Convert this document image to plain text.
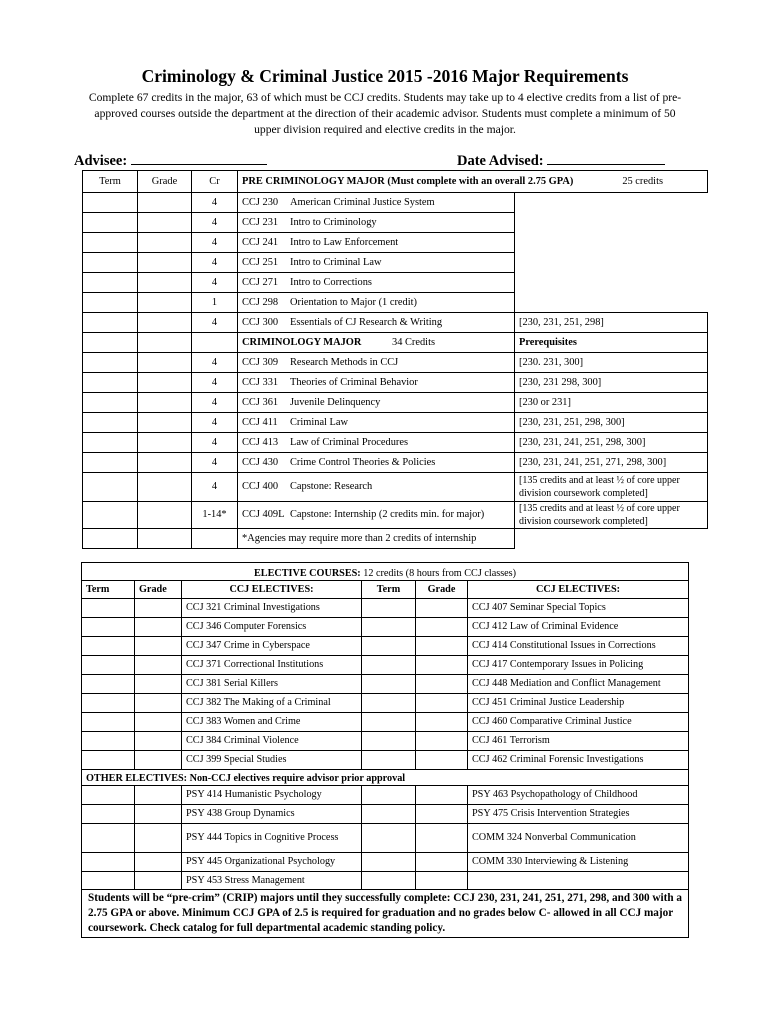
Criminology & Criminal Justice 2015 -2016 Major Requirements
Complete 67 credits in the major, 63 of which must be CCJ credits. Students may take up to 4 elective credits from a list of pre-approved courses outside the department at the direction of their academic advisor. Students must complete a minimum of 50 upper division required and elective credits in the major.
Advisee:	Date Advised:
Term	Grade	Cr	PRE CRIMINOLOGY MAJOR (Must complete with an overall 2.75 GPA) 25 credits	

		4	CCJ 230 American Criminal Justice System	
		4	CCJ 231 Intro to Criminology	
		4	CCJ 241 Intro to Law Enforcement	
		4	CCJ 251 Intro to Criminal Law	
		4	CCJ 271 Intro to Corrections	
		1	CCJ 298 Orientation to Major (1 credit)	
		4	CCJ 300 Essentials of CJ Research & Writing	[230, 231, 251, 298]
			CRIMINOLOGY MAJOR 34 Credits	Prerequisites
		4	CCJ 309 Research Methods in CCJ	[230. 231, 300]
		4	CCJ 331 Theories of Criminal Behavior	[230, 231 298, 300]
		4	CCJ 361 Juvenile Delinquency	[230 or 231]
		4	CCJ 411 Criminal Law	[230, 231, 251, 298, 300]
		4	CCJ 413 Law of Criminal Procedures	[230, 231, 241, 251, 298, 300]
		4	CCJ 430 Crime Control Theories & Policies	[230, 231, 241, 251, 271, 298, 300]
		4	CCJ 400 Capstone: Research	[135 credits and at least ½ of core upper division coursework completed]
		1-14*	CCJ 409L Capstone: Internship (2 credits min. for major)	[135 credits and at least ½ of core upper division coursework completed]
			*Agencies may require more than 2 credits of internship	
ELECTIVE COURSES: 12 credits (8 hours from CCJ classes)					
Term	Grade	CCJ ELECTIVES:	Term	Grade	CCJ ELECTIVES:
		CCJ 321 Criminal Investigations			CCJ 407 Seminar Special Topics
		CCJ 346 Computer Forensics			CCJ 412 Law of Criminal Evidence
		CCJ 347 Crime in Cyberspace			CCJ 414 Constitutional Issues in Corrections
		CCJ 371 Correctional Institutions			CCJ 417 Contemporary Issues in Policing
		CCJ 381 Serial Killers			CCJ 448 Mediation and Conflict Management
		CCJ 382 The Making of a Criminal			CCJ 451 Criminal Justice Leadership
		CCJ 383 Women and Crime			CCJ 460 Comparative Criminal Justice
		CCJ 384 Criminal Violence			CCJ 461 Terrorism
		CCJ 399 Special Studies			CCJ 462 Criminal Forensic Investigations
OTHER ELECTIVES: Non-CCJ electives require advisor prior approval					
		PSY 414 Humanistic Psychology			PSY 463 Psychopathology of Childhood
		PSY 438 Group Dynamics			PSY 475 Crisis Intervention Strategies
		PSY 444 Topics in Cognitive Process			COMM 324 Nonverbal Communication
		PSY 445 Organizational Psychology			COMM 330 Interviewing & Listening
		PSY 453 Stress Management			
Students will be “pre-crim” (CRIP) majors until they successfully complete: CCJ 230, 231, 241, 251, 271, 298, and 300 with a 2.75 GPA or above. Minimum CCJ GPA of 2.5 is required for graduation and no grades below C- allowed in all CCJ major coursework. Check catalog for full departmental academic standing policy.					
